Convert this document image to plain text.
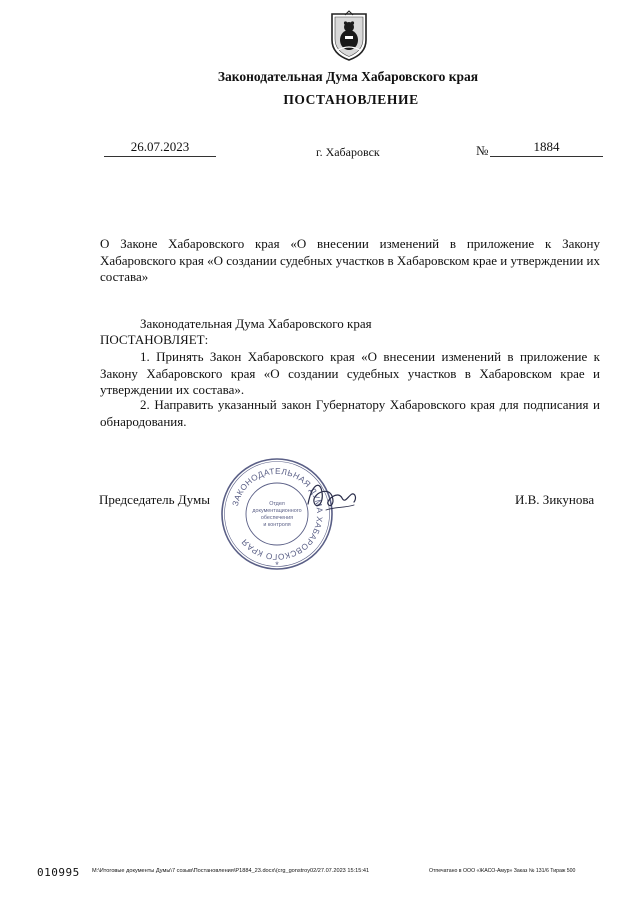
Законодательная Дума Хабаровского края
ПОСТАНОВЛЕНИЕ
26.07.2023	г. Хабаровск	№	1884
О Законе Хабаровского края «О внесении изменений в приложение к Закону Хабаровского края «О создании судебных участков в Хабаровском крае и утверждении их состава»
Законодательная Дума Хабаровского края
ПОСТАНОВЛЯЕТ:
1. Принять Закон Хабаровского края «О внесении изменений в приложение к Закону Хабаровского края «О создании судебных участков в Хабаровском крае и утверждении их состава».
2. Направить указанный закон Губернатору Хабаровского края для подписания и обнародования.
Председатель Думы	И.В. Зикунова
ЗАКОНОДАТЕЛЬНАЯ ДУМА ХАБАРОВСКОГО КРАЯ
Отдел
документационного
обеспечения
и контроля
*
010995 M:\Итоговые документы Думы\7 созыв\Постановления\Р1884_23.docx\(сrg_gonstroy02/27.07.2023 15:15:41	Отпечатано в ООО «ЖАСО-Амур» Заказ № 131/6 Тираж 500
